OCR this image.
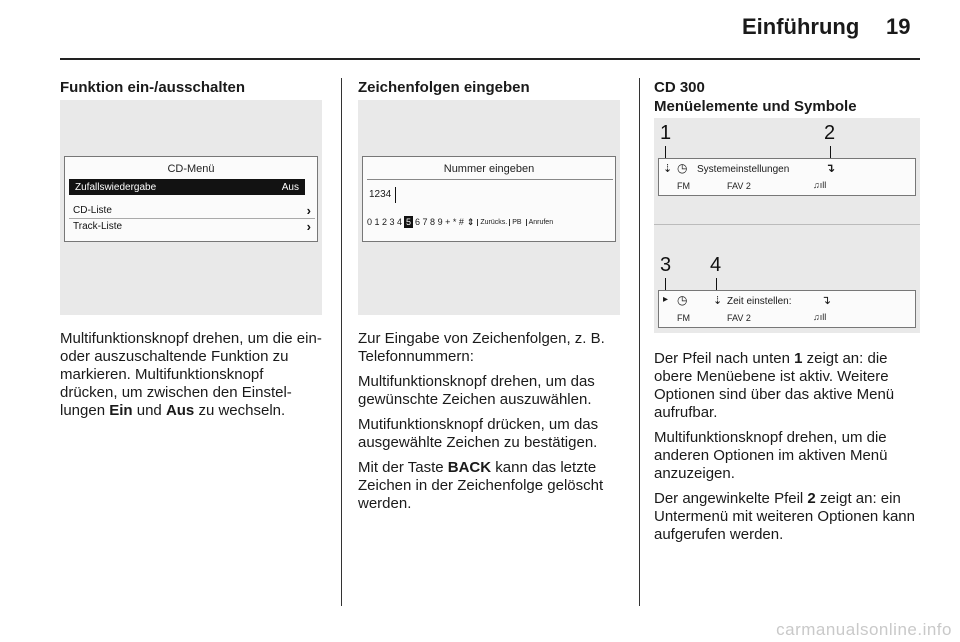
Einführung 19
Funktion ein-/ausschalten
CD-Menü
Zufallswiedergabe	Aus
CD-Liste	›
Track-Liste	›

Multifunktionsknopf drehen, um die ein- oder auszuschaltende Funktion zu markieren. Multifunktionsknopf drücken, um zwischen den Einstellungen Ein und Aus zu wechseln.

Zeichenfolgen eingeben
Nummer eingeben
1234
0 1 2 3 4 5 6 7 8 9 + * # ⇕ Zurücks. PB	Anrufen

Zur Eingabe von Zeichenfolgen, z. B. Telefonnummern:

Multifunktionsknopf drehen, um das gewünschte Zeichen auszuwählen.

Mutifunktionsknopf drücken, um das ausgewählte Zeichen zu bestätigen.

Mit der Taste BACK kann das letzte Zeichen in der Zeichenfolge gelöscht werden.

CD 300
Menüelemente und Symbole
1	2
⇣ ◷ Systemeinstellungen	↴
FM	FAV 2	♫ıll
3 4
▸ ◷ ⇣ Zeit einstellen: ↴
FM	FAV 2	♫ıll

Der Pfeil nach unten 1 zeigt an: die obere Menüebene ist aktiv. Weitere Optionen sind über das aktive Menü aufrufbar.

Multifunktionsknopf drehen, um die anderen Optionen im aktiven Menü anzuzeigen.

Der angewinkelte Pfeil 2 zeigt an: ein Untermenü mit weiteren Optionen kann aufgerufen werden.

carmanualsonline.info
